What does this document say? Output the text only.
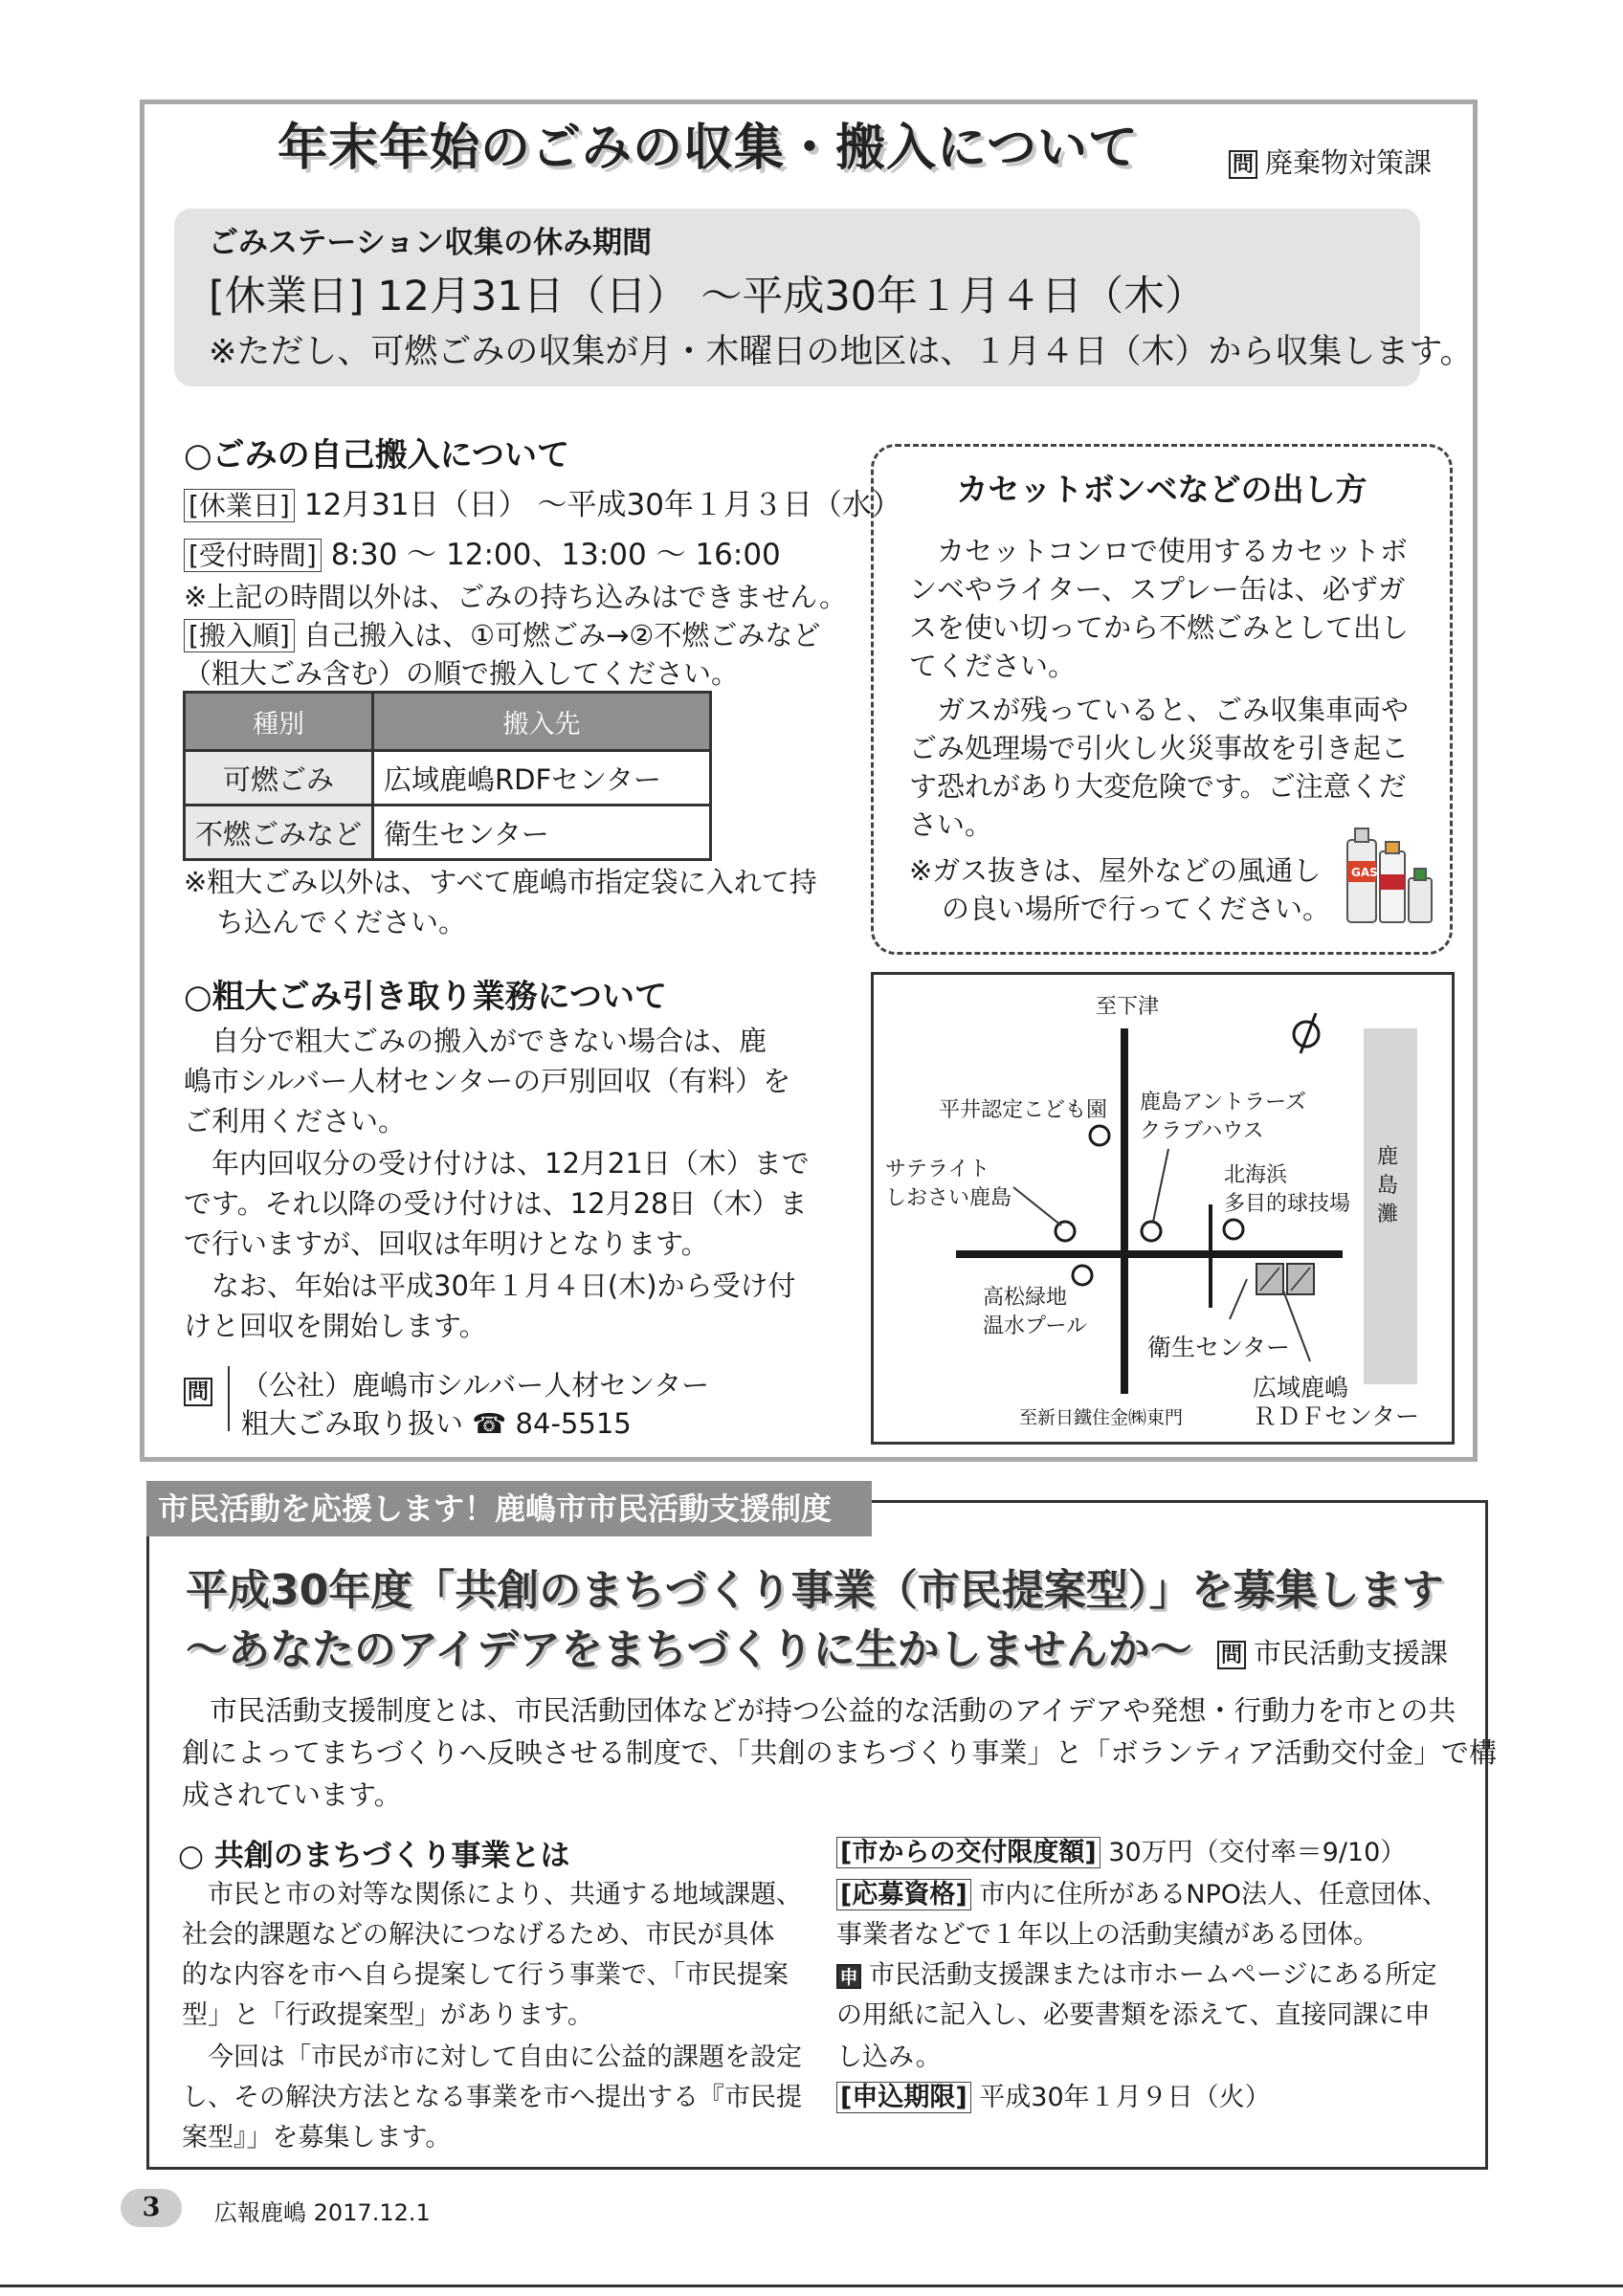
年末年始のごみの収集・搬入について	問 廃棄物対策課
ごみステーション収集の休み期間
[休業日] 12月31日（日） ～平成30年１月４日（木）
※ただし、可燃ごみの収集が月・木曜日の地区は、１月４日（木）から収集します。
○ごみの自己搬入について
[休業日] 12月31日（日） ～平成30年１月３日（水）
[受付時間] 8:30 ～ 12:00、13:00 ～ 16:00
※上記の時間以外は、ごみの持ち込みはできません。
[搬入順] 自己搬入は、①可燃ごみ→②不燃ごみなど
（粗大ごみ含む）の順で搬入してください。
種別	搬入先
可燃ごみ	広域鹿嶋RDFセンター
不燃ごみなど	衛生センター
※粗大ごみ以外は、すべて鹿嶋市指定袋に入れて持
ち込んでください。
カセットボンベなどの出し方
　カセットコンロで使用するカセットボ
ンベやライター、スプレー缶は、必ずガ
スを使い切ってから不燃ごみとして出し
てください。
　ガスが残っていると、ごみ収集車両や
ごみ処理場で引火し火災事故を引き起こ
す恐れがあり大変危険です。ご注意くだ
さい。
※ガス抜きは、屋外などの風通し
の良い場所で行ってください。
GAS
○粗大ごみ引き取り業務について
　自分で粗大ごみの搬入ができない場合は、鹿
嶋市シルバー人材センターの戸別回収（有料）を
ご利用ください。
　年内回収分の受け付けは、12月21日（木）まで
です。それ以降の受け付けは、12月28日（木）ま
で行いますが、回収は年明けとなります。
　なお、年始は平成30年１月４日(木)から受け付
けと回収を開始します。
問	（公社）鹿嶋市シルバー人材センター
粗大ごみ取り扱い ☎ 84-5515
至下津
平井認定こども園 鹿島アントラーズ
クラブハウス
サテライト
しおさい鹿島
北海浜
多目的球技場
高松緑地
温水プール
衛生センター
広域鹿嶋
ＲＤＦセンター
至新日鐵住金㈱東門
鹿島灘
市民活動を応援します！鹿嶋市市民活動支援制度
平成30年度「共創のまちづくり事業（市民提案型）」を募集します
～あなたのアイデアをまちづくりに生かしませんか～ 問 市民活動支援課
　市民活動支援制度とは、市民活動団体などが持つ公益的な活動のアイデアや発想・行動力を市との共
創によってまちづくりへ反映させる制度で、「共創のまちづくり事業」と「ボランティア活動交付金」で構
成されています。
○ 共創のまちづくり事業とは
　市民と市の対等な関係により、共通する地域課題、
社会的課題などの解決につなげるため、市民が具体
的な内容を市へ自ら提案して行う事業で、「市民提案
型」と「行政提案型」があります。
　今回は「市民が市に対して自由に公益的課題を設定
し、その解決方法となる事業を市へ提出する『市民提
案型』」を募集します。
[市からの交付限度額] 30万円（交付率＝9/10）
[応募資格] 市内に住所があるNPO法人、任意団体、
事業者などで１年以上の活動実績がある団体。
申 市民活動支援課または市ホームページにある所定
の用紙に記入し、必要書類を添えて、直接同課に申
し込み。
[申込期限] 平成30年１月９日（火）
3	広報鹿嶋 2017.12.1
